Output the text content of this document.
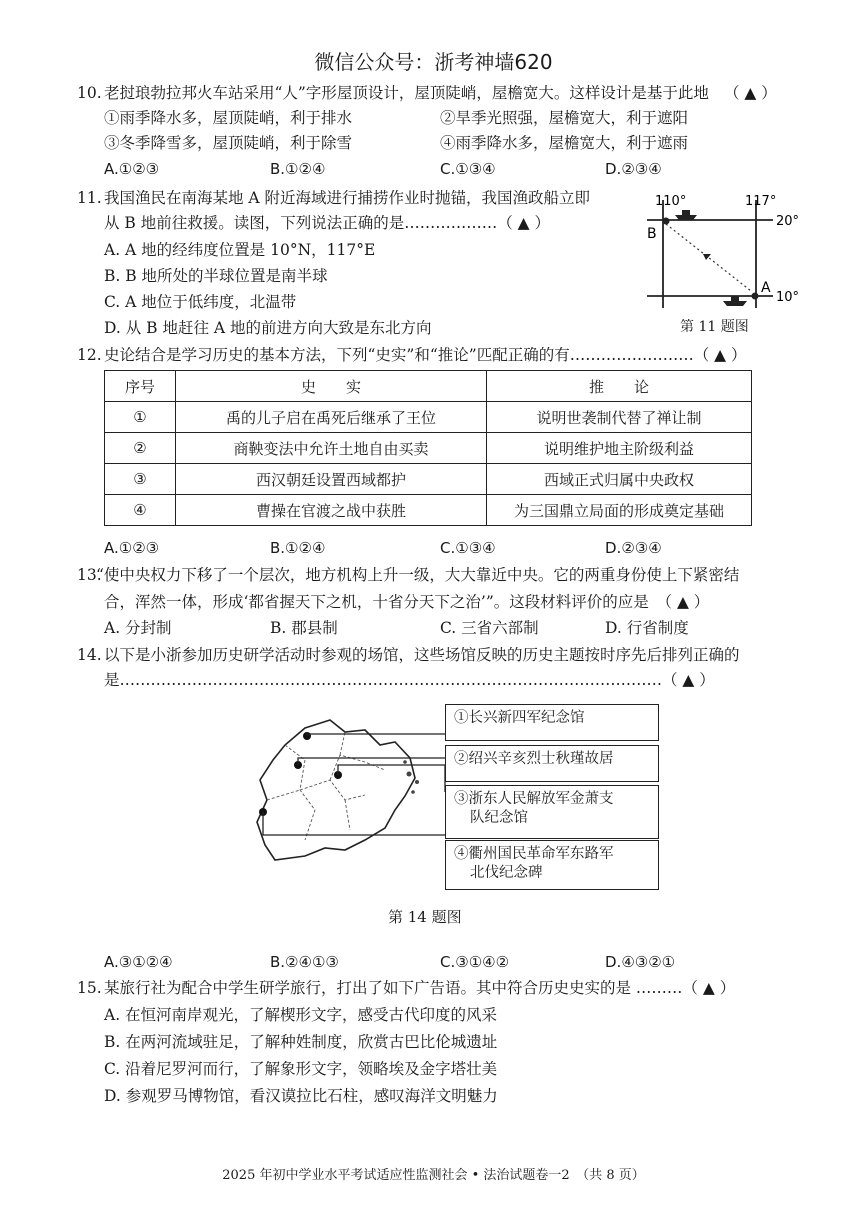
微信公众号：浙考神墙620
10. 老挝琅勃拉邦火车站采用“人”字形屋顶设计，屋顶陡峭，屋檐宽大。这样设计是基于此地 （ ▲ ）
①雨季降水多，屋顶陡峭，利于排水	②旱季光照强，屋檐宽大，利于遮阳
③冬季降雪多，屋顶陡峭，利于除雪	④雨季降水多，屋檐宽大，利于遮雨
A.①②③	B.①②④	C.①③④	D.②③④
11. 我国渔民在南海某地 A 附近海域进行捕捞作业时抛锚，我国渔政船立即
从 B 地前往救援。读图，下列说法正确的是………………（ ▲ ）
A. A 地的经纬度位置是 10°N，117°E
B. B 地所处的半球位置是南半球
C. A 地位于低纬度，北温带
D. 从 B 地赶往 A 地的前进方向大致是东北方向
110°	117°
20°
10°
B
A
第 11 题图
12. 史论结合是学习历史的基本方法，下列“史实”和“推论”匹配正确的有……………………（ ▲ ）
序号	史　　实	推　　论
①	禹的儿子启在禹死后继承了王位	说明世袭制代替了禅让制
②	商鞅变法中允许土地自由买卖	说明维护地主阶级利益
③	西汉朝廷设置西域都护	西域正式归属中央政权
④	曹操在官渡之战中获胜	为三国鼎立局面的形成奠定基础
A.①②③	B.①②④	C.①③④	D.②③④
13.
“使中央权力下移了一个层次，地方机构上升一级，大大靠近中央。它的两重身份使上下紧密结
合，浑然一体，形成‘都省握天下之机，十省分天下之治’”。这段材料评价的应是　（ ▲ ）
A. 分封制	B. 郡县制	C. 三省六部制	D. 行省制度
14. 以下是小浙参加历史研学活动时参观的场馆，这些场馆反映的历史主题按时序先后排列正确的
是……………………………………………………………………………………………（ ▲ ）
①长兴新四军纪念馆
②绍兴辛亥烈士秋瑾故居
③浙东人民解放军金萧支
队纪念馆
④衢州国民革命军东路军
北伐纪念碑
第 14 题图
A.③①②④	B.②④①③	C.③①④②	D.④③②①
15. 某旅行社为配合中学生研学旅行，打出了如下广告语。其中符合历史史实的是 ………（ ▲ ）
A. 在恒河南岸观光，了解楔形文字，感受古代印度的风采
B. 在两河流域驻足，了解种姓制度，欣赏古巴比伦城遗址
C. 沿着尼罗河而行，了解象形文字，领略埃及金字塔壮美
D. 参观罗马博物馆，看汉谟拉比石柱，感叹海洋文明魅力
2025 年初中学业水平考试适应性监测社会 • 法治试题卷一2　（共 8 页）
